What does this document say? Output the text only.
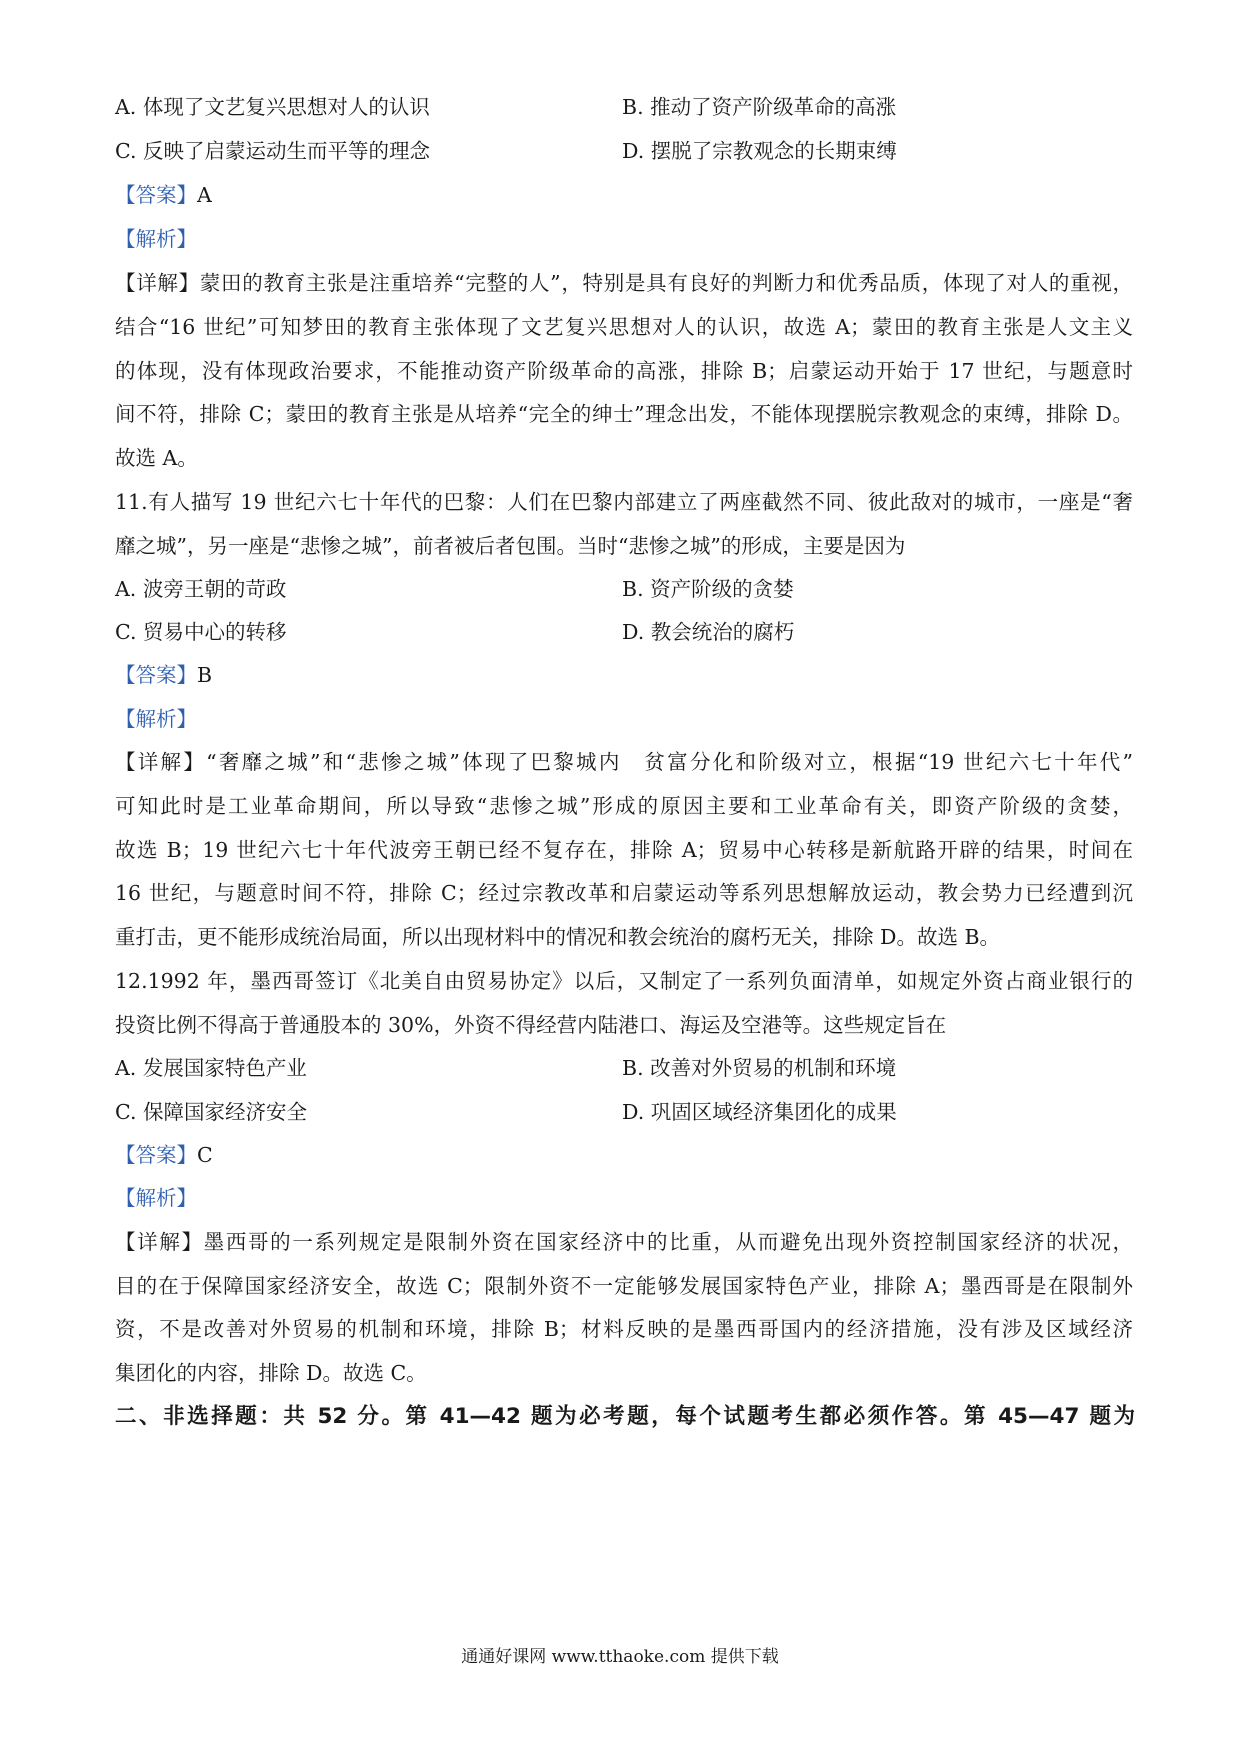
A. 体现了文艺复兴思想对人的认识	B. 推动了资产阶级革命的高涨
C. 反映了启蒙运动生而平等的理念	D. 摆脱了宗教观念的长期束缚
【答案】A
【解析】
【详解】蒙田的教育主张是注重培养“完整的人”，特别是具有良好的判断力和优秀品质，体现了对人的重视，
结合“16 世纪”可知梦田的教育主张体现了文艺复兴思想对人的认识，故选 A；蒙田的教育主张是人文主义
的体现，没有体现政治要求，不能推动资产阶级革命的高涨，排除 B；启蒙运动开始于 17 世纪，与题意时
间不符，排除 C；蒙田的教育主张是从培养“完全的绅士”理念出发，不能体现摆脱宗教观念的束缚，排除 D。
故选 A。
11.有人描写 19 世纪六七十年代的巴黎：人们在巴黎内部建立了两座截然不同、彼此敌对的城市，一座是“奢
靡之城”，另一座是“悲惨之城”，前者被后者包围。当时“悲惨之城”的形成，主要是因为
A. 波旁王朝的苛政	B. 资产阶级的贪婪
C. 贸易中心的转移	D. 教会统治的腐朽
【答案】B
【解析】
【详解】“奢靡之城”和“悲惨之城”体现了巴黎城内　贫富分化和阶级对立，根据“19 世纪六七十年代”
可知此时是工业革命期间，所以导致“悲惨之城”形成的原因主要和工业革命有关，即资产阶级的贪婪，
故选 B；19 世纪六七十年代波旁王朝已经不复存在，排除 A；贸易中心转移是新航路开辟的结果，时间在
16 世纪，与题意时间不符，排除 C；经过宗教改革和启蒙运动等系列思想解放运动，教会势力已经遭到沉
重打击，更不能形成统治局面，所以出现材料中的情况和教会统治的腐朽无关，排除 D。故选 B。
12.1992 年，墨西哥签订《北美自由贸易协定》以后，又制定了一系列负面清单，如规定外资占商业银行的
投资比例不得高于普通股本的 30%，外资不得经营内陆港口、海运及空港等。这些规定旨在
A. 发展国家特色产业	B. 改善对外贸易的机制和环境
C. 保障国家经济安全	D. 巩固区域经济集团化的成果
【答案】C
【解析】
【详解】墨西哥的一系列规定是限制外资在国家经济中的比重，从而避免出现外资控制国家经济的状况，
目的在于保障国家经济安全，故选 C；限制外资不一定能够发展国家特色产业，排除 A；墨西哥是在限制外
资，不是改善对外贸易的机制和环境，排除 B；材料反映的是墨西哥国内的经济措施，没有涉及区域经济
集团化的内容，排除 D。故选 C。
二、非选择题：共 52 分。第 41—42 题为必考题，每个试题考生都必须作答。第 45—47 题为
通通好课网 www.tthaoke.com 提供下载
